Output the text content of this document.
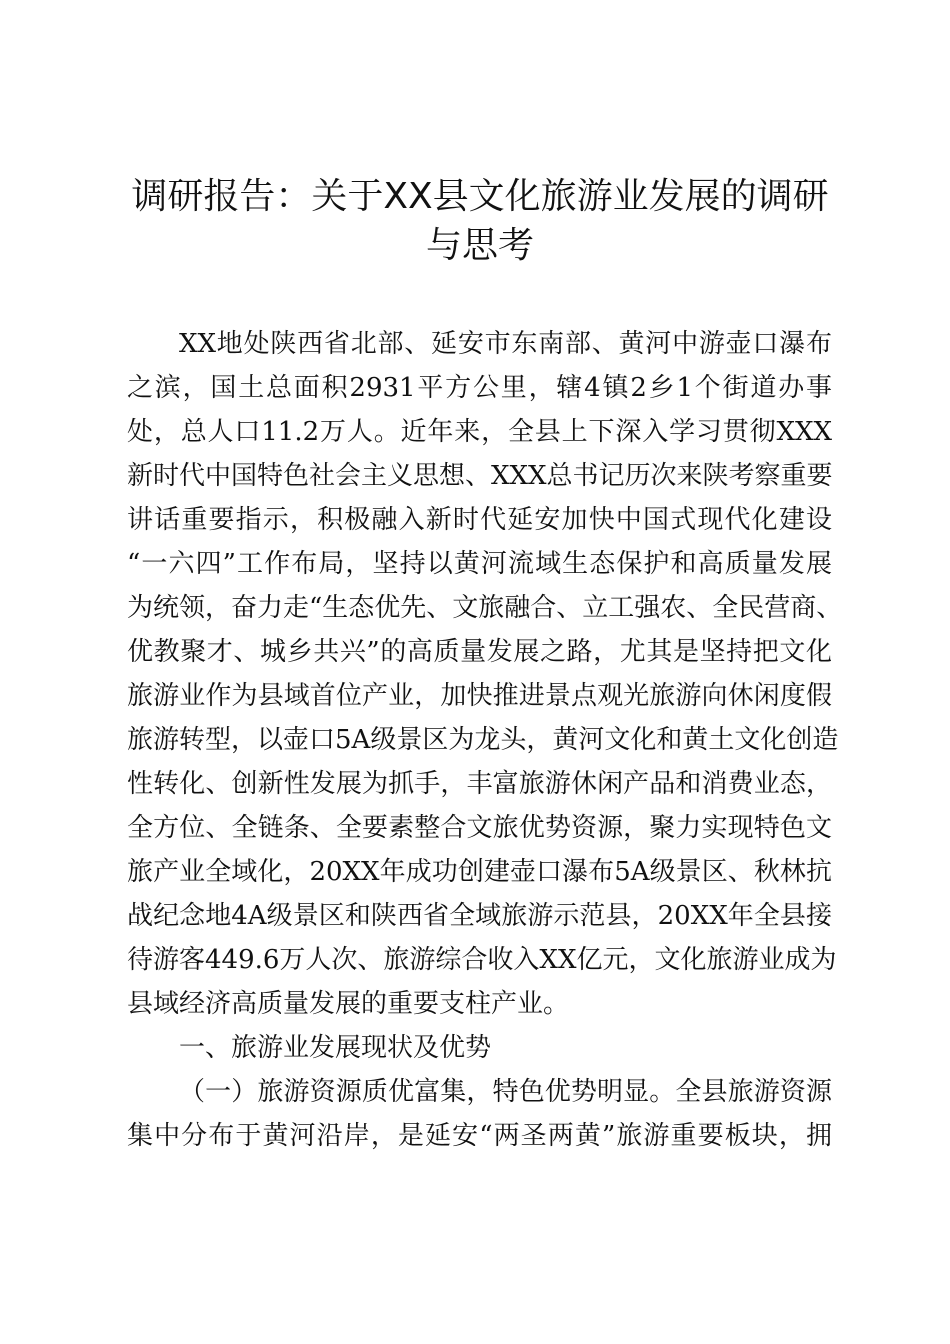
调研报告：关于XX县文化旅游业发展的调研
与思考
XX地处陕西省北部、延安市东南部、黄河中游壶口瀑布
之滨，国土总面积2931平方公里，辖4镇2乡1个街道办事
处，总人口11.2万人。近年来，全县上下深入学习贯彻XXX
新时代中国特色社会主义思想、XXX总书记历次来陕考察重要
讲话重要指示，积极融入新时代延安加快中国式现代化建设
“一六四”工作布局，坚持以黄河流域生态保护和高质量发展
为统领，奋力走“生态优先、文旅融合、立工强农、全民营商、
优教聚才、城乡共兴”的高质量发展之路，尤其是坚持把文化
旅游业作为县域首位产业，加快推进景点观光旅游向休闲度假
旅游转型，以壶口5A级景区为龙头，黄河文化和黄土文化创造
性转化、创新性发展为抓手，丰富旅游休闲产品和消费业态，
全方位、全链条、全要素整合文旅优势资源，聚力实现特色文
旅产业全域化，20XX年成功创建壶口瀑布5A级景区、秋林抗
战纪念地4A级景区和陕西省全域旅游示范县，20XX年全县接
待游客449.6万人次、旅游综合收入XX亿元，文化旅游业成为
县域经济高质量发展的重要支柱产业。
一、旅游业发展现状及优势
（一）旅游资源质优富集，特色优势明显。全县旅游资源
集中分布于黄河沿岸，是延安“两圣两黄”旅游重要板块，拥
